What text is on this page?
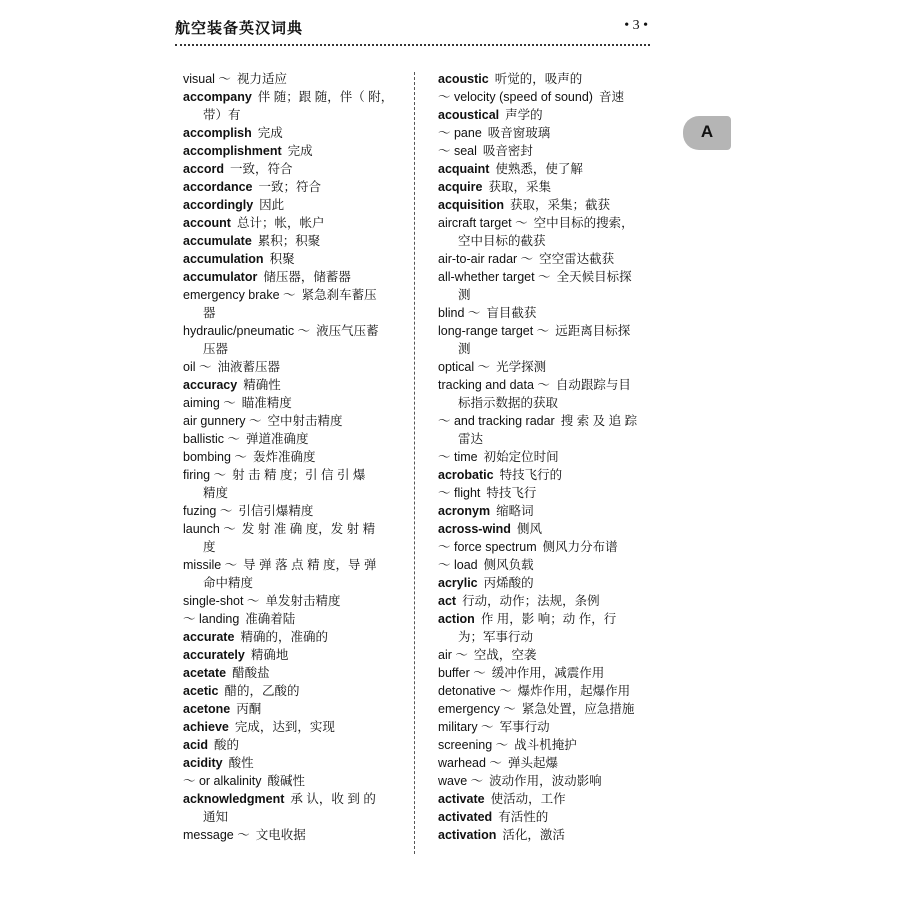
航空装备英汉词典	• 3 •
visual ～ 视力适应
accompany 伴 随；跟 随，伴（ 附，
带）有
accomplish 完成
accomplishment 完成
accord 一致，符合
accordance 一致；符合
accordingly 因此
account 总计；帐，帐户
accumulate 累积；积聚
accumulation 积聚
accumulator 储压器，储蓄器
emergency brake ～ 紧急刹车蓄压
器
hydraulic/pneumatic ～ 液压气压蓄
压器
oil ～ 油液蓄压器
accuracy 精确性
aiming ～ 瞄准精度
air gunnery ～ 空中射击精度
ballistic ～ 弹道准确度
bombing ～ 轰炸准确度
firing ～ 射 击 精 度；引 信 引 爆
精度
fuzing ～ 引信引爆精度
launch ～ 发 射 准 确 度，发 射 精
度
missile ～ 导 弹 落 点 精 度，导 弹
命中精度
single-shot ～ 单发射击精度
～ landing 准确着陆
accurate 精确的，准确的
accurately 精确地
acetate 醋酸盐
acetic 醋的，乙酸的
acetone 丙酮
achieve 完成，达到，实现
acid 酸的
acidity 酸性
～ or alkalinity 酸碱性
acknowledgment 承 认，收 到 的
通知
message ～ 文电收据
acoustic 听觉的，吸声的
～ velocity (speed of sound) 音速
acoustical 声学的
～ pane 吸音窗玻璃
～ seal 吸音密封
acquaint 使熟悉，使了解
acquire 获取，采集
acquisition 获取，采集；截获
aircraft target ～ 空中目标的搜索，
空中目标的截获
air-to-air radar ～ 空空雷达截获
all-whether target ～ 全天候目标探
测
blind ～ 盲目截获
long-range target ～ 远距离目标探
测
optical ～ 光学探测
tracking and data ～ 自动跟踪与目
标指示数据的获取
～ and tracking radar 搜 索 及 追 踪
雷达
～ time 初始定位时间
acrobatic 特技飞行的
～ flight 特技飞行
acronym 缩略词
across-wind 侧风
～ force spectrum 侧风力分布谱
～ load 侧风负载
acrylic 丙烯酸的
act 行动，动作；法规，条例
action 作 用，影 响；动 作，行
为；军事行动
air ～ 空战，空袭
buffer ～ 缓冲作用，减震作用
detonative ～ 爆炸作用，起爆作用
emergency ～ 紧急处置，应急措施
military ～ 军事行动
screening ～ 战斗机掩护
warhead ～ 弹头起爆
wave ～ 波动作用，波动影响
activate 使活动，工作
activated 有活性的
activation 活化，激活
A
